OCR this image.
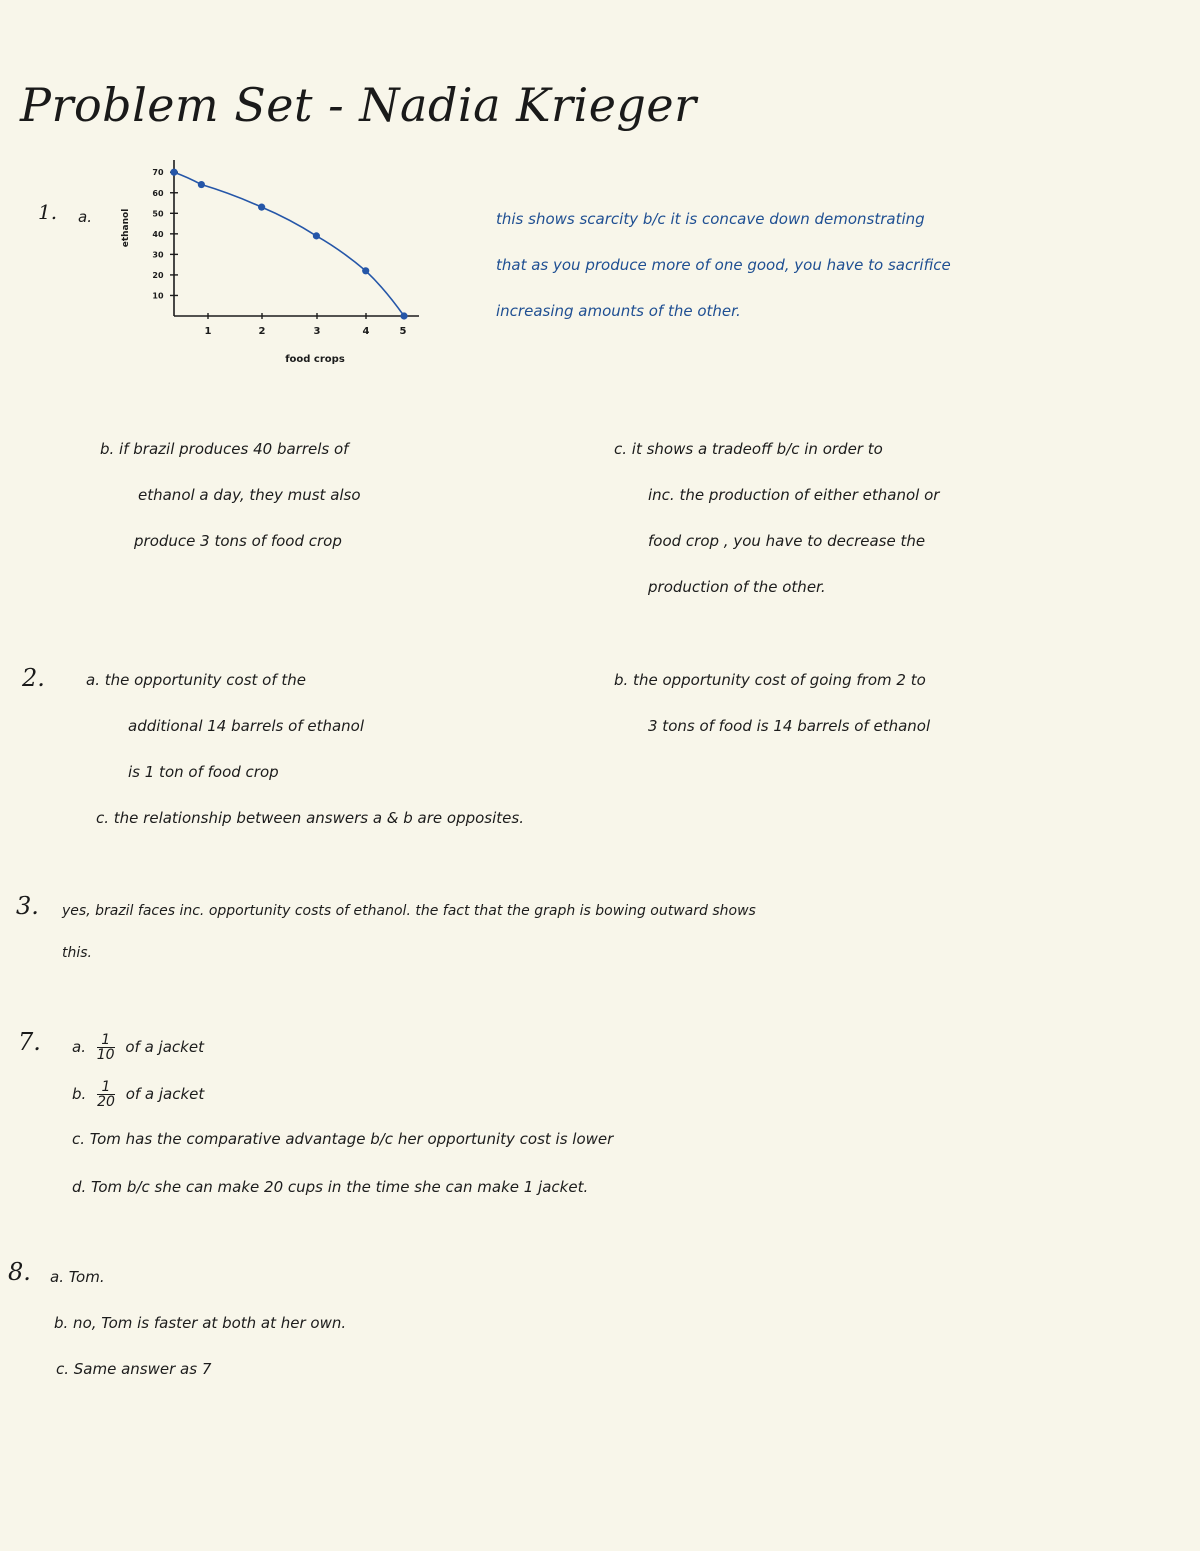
Problem Set - Nadia Krieger
1. a.
70
60
50
40
30
20
10
1	2	3	4	5
ethanol
food crops
this shows scarcity b/c it is concave down demonstrating
that as you produce more of one good, you have to sacrifice
increasing amounts of the other.
b. if brazil produces 40 barrels of
ethanol a day, they must also
produce 3 tons of food crop
c. it shows a tradeoff b/c in order to
inc. the production of either ethanol or
food crop , you have to decrease the
production of the other.
2.	a. the opportunity cost of the
additional 14 barrels of ethanol
is 1 ton of food crop
b. the opportunity cost of going from 2 to
3 tons of food is 14 barrels of ethanol
c. the relationship between answers a & b are opposites.
3. yes, brazil faces inc. opportunity costs of ethanol. the fact that the graph is bowing outward shows
this.
7. a. $\frac{1}{10}$ of a jacket
b. $\frac{1}{20}$ of a jacket
c. Tom has the comparative advantage b/c her opportunity cost is lower
d. Tom b/c she can make 20 cups in the time she can make 1 jacket.
8. a. Tom.
b. no, Tom is faster at both at her own.
c. Same answer as 7
